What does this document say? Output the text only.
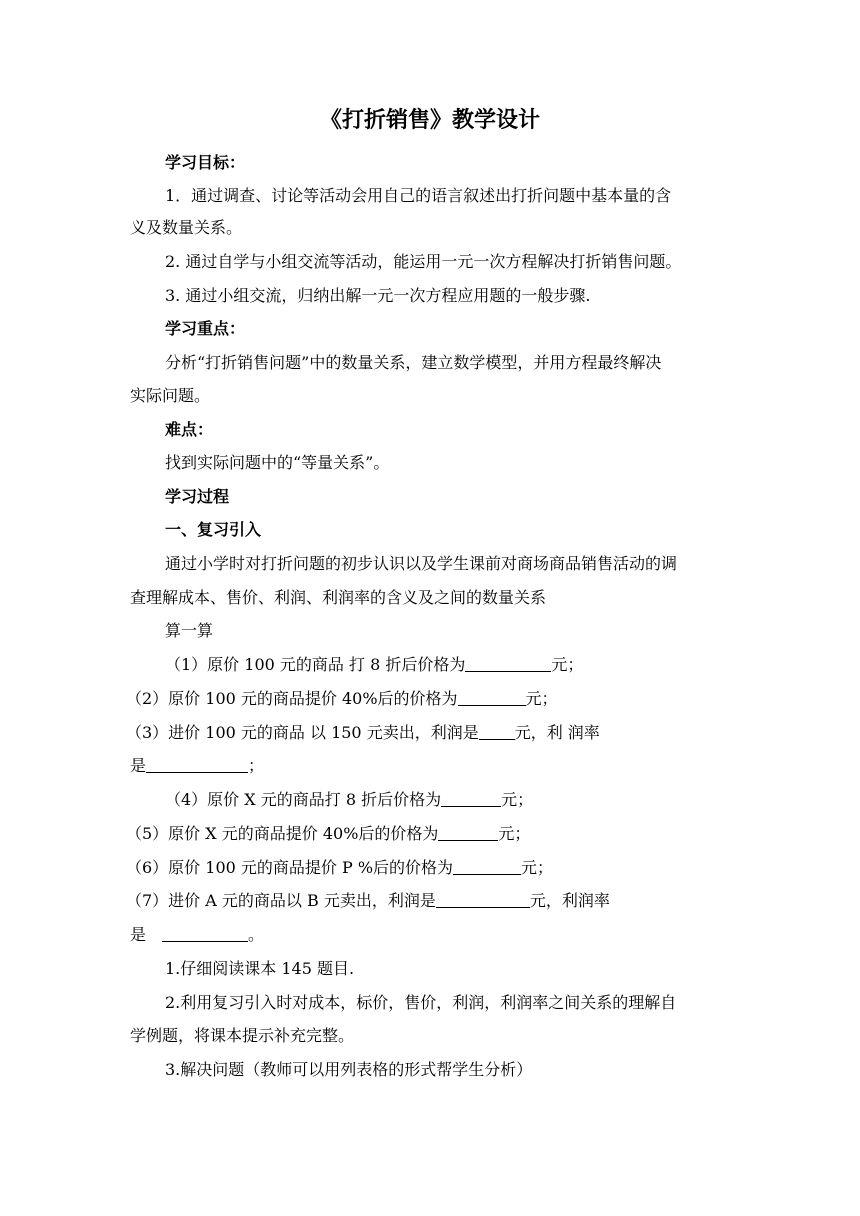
《打折销售》教学设计
学习目标：
1．通过调查、讨论等活动会用自己的语言叙述出打折问题中基本量的含
义及数量关系。
2. 通过自学与小组交流等活动，能运用一元一次方程解决打折销售问题。
3. 通过小组交流，归纳出解一元一次方程应用题的一般步骤.
学习重点：
分析“打折销售问题”中的数量关系，建立数学模型，并用方程最终解决
实际问题。
难点：
找到实际问题中的“等量关系”。
学习过程
一、复习引入
通过小学时对打折问题的初步认识以及学生课前对商场商品销售活动的调
查理解成本、售价、利润、利润率的含义及之间的数量关系
算一算
（1）原价 100 元的商品 打 8 折后价格为	元；
（2）原价 100 元的商品提价 40%后的价格为	元；
（3）进价 100 元的商品 以 150 元卖出，利润是 元，利 润率
是	；
（4）原价 X 元的商品打 8 折后价格为	元；
（5）原价 X 元的商品提价 40%后的价格为	元；
（6）原价 100 元的商品提价 P %后的价格为	元；
（7）进价 A 元的商品以 B 元卖出，利润是	元，利润率
是	。
1.仔细阅读课本 145 题目.
2.利用复习引入时对成本，标价，售价，利润，利润率之间关系的理解自
学例题，将课本提示补充完整。
3.解决问题（教师可以用列表格的形式帮学生分析）
